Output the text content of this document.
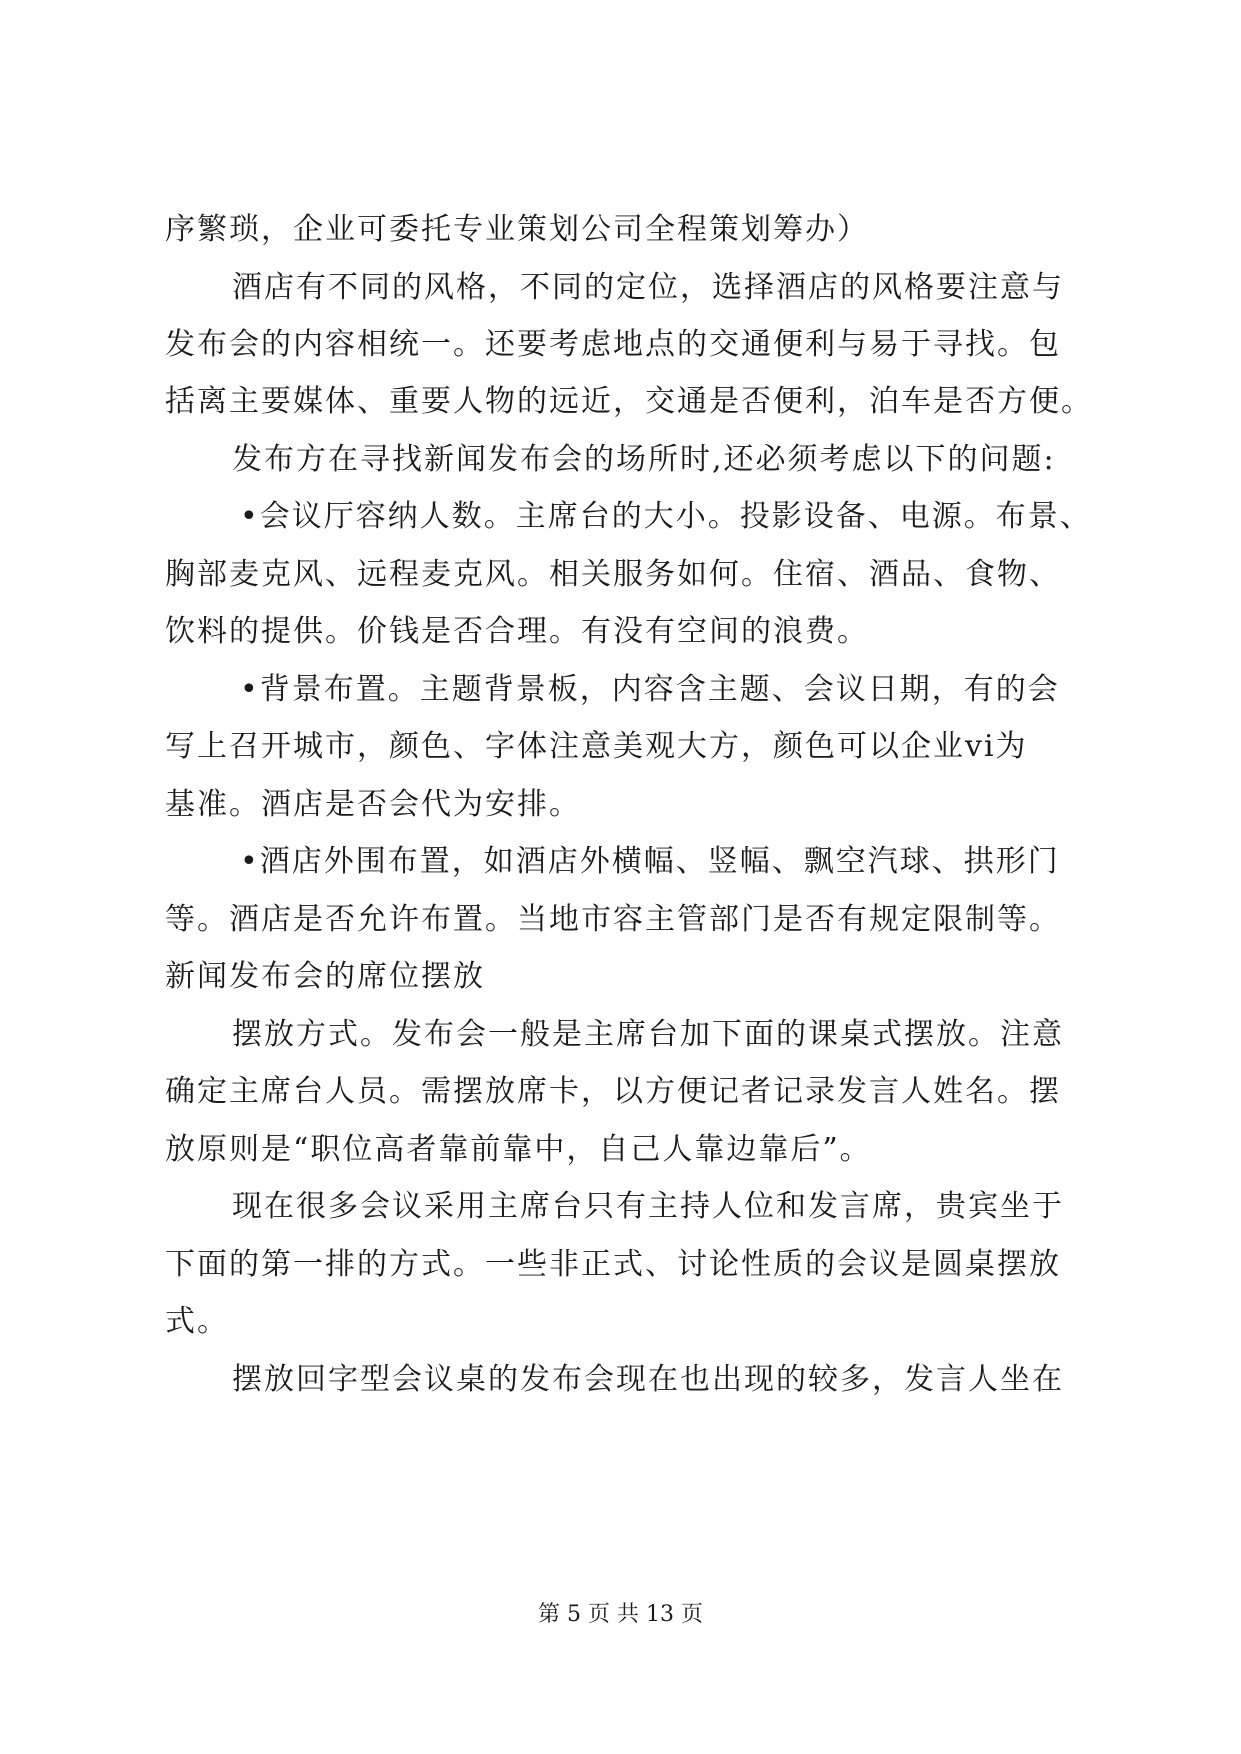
序繁琐，企业可委托专业策划公司全程策划筹办）
酒店有不同的风格，不同的定位，选择酒店的风格要注意与
发布会的内容相统一。还要考虑地点的交通便利与易于寻找。包
括离主要媒体、重要人物的远近，交通是否便利，泊车是否方便。
发布方在寻找新闻发布会的场所时,还必须考虑以下的问题:
•会议厅容纳人数。主席台的大小。投影设备、电源。布景、
胸部麦克风、远程麦克风。相关服务如何。住宿、酒品、食物、
饮料的提供。价钱是否合理。有没有空间的浪费。
•背景布置。主题背景板，内容含主题、会议日期，有的会
写上召开城市，颜色、字体注意美观大方，颜色可以企业vi为
基准。酒店是否会代为安排。
•酒店外围布置，如酒店外横幅、竖幅、飘空汽球、拱形门
等。酒店是否允许布置。当地市容主管部门是否有规定限制等。
新闻发布会的席位摆放
摆放方式。发布会一般是主席台加下面的课桌式摆放。注意
确定主席台人员。需摆放席卡，以方便记者记录发言人姓名。摆
放原则是“职位高者靠前靠中，自己人靠边靠后”。
现在很多会议采用主席台只有主持人位和发言席，贵宾坐于
下面的第一排的方式。一些非正式、讨论性质的会议是圆桌摆放
式。
摆放回字型会议桌的发布会现在也出现的较多，发言人坐在
第 5 页 共 13 页
